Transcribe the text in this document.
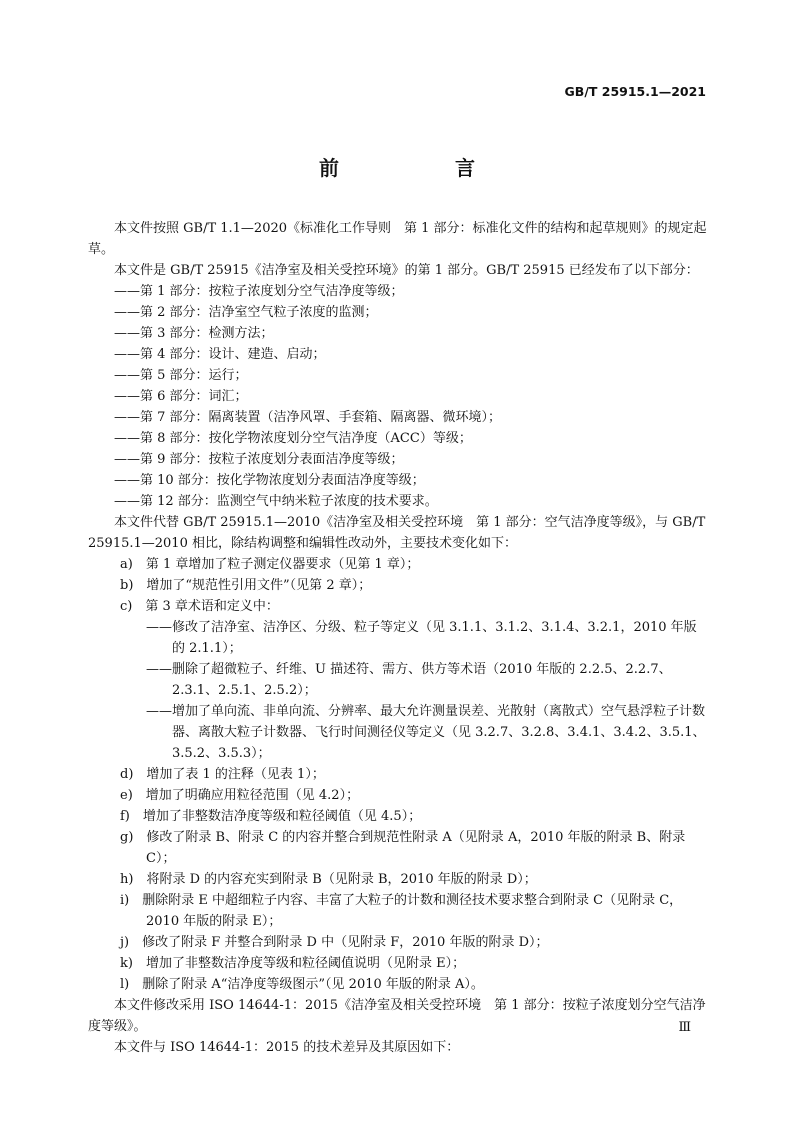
GB/T 25915.1—2021
前　言

本文件按照 GB/T 1.1—2020《标准化工作导则　第 1 部分：标准化文件的结构和起草规则》的规定起草。

本文件是 GB/T 25915《洁净室及相关受控环境》的第 1 部分。GB/T 25915 已经发布了以下部分：

——第 1 部分：按粒子浓度划分空气洁净度等级；

——第 2 部分：洁净室空气粒子浓度的监测；

——第 3 部分：检测方法；

——第 4 部分：设计、建造、启动；

——第 5 部分：运行；

——第 6 部分：词汇；

——第 7 部分：隔离装置（洁净风罩、手套箱、隔离器、微环境）；

——第 8 部分：按化学物浓度划分空气洁净度（ACC）等级；

——第 9 部分：按粒子浓度划分表面洁净度等级；

——第 10 部分：按化学物浓度划分表面洁净度等级；

——第 12 部分：监测空气中纳米粒子浓度的技术要求。

本文件代替 GB/T 25915.1—2010《洁净室及相关受控环境　第 1 部分：空气洁净度等级》，与 GB/T 25915.1—2010 相比，除结构调整和编辑性改动外，主要技术变化如下：

a)　第 1 章增加了粒子测定仪器要求（见第 1 章）；

b)　增加了“规范性引用文件”（见第 2 章）；

c)　第 3 章术语和定义中：

——修改了洁净室、洁净区、分级、粒子等定义（见 3.1.1、3.1.2、3.1.4、3.2.1，2010 年版的 2.1.1）；

——删除了超微粒子、纤维、U 描述符、需方、供方等术语（2010 年版的 2.2.5、2.2.7、2.3.1、2.5.1、2.5.2）；

——增加了单向流、非单向流、分辨率、最大允许测量误差、光散射（离散式）空气悬浮粒子计数器、离散大粒子计数器、飞行时间测径仪等定义（见 3.2.7、3.2.8、3.4.1、3.4.2、3.5.1、3.5.2、3.5.3）；

d)　增加了表 1 的注释（见表 1）；

e)　增加了明确应用粒径范围（见 4.2）；

f)　增加了非整数洁净度等级和粒径阈值（见 4.5）；

g)　修改了附录 B、附录 C 的内容并整合到规范性附录 A（见附录 A，2010 年版的附录 B、附录 C）；

h)　将附录 D 的内容充实到附录 B（见附录 B，2010 年版的附录 D）；

i)　删除附录 E 中超细粒子内容、丰富了大粒子的计数和测径技术要求整合到附录 C（见附录 C，2010 年版的附录 E）；

j)　修改了附录 F 并整合到附录 D 中（见附录 F，2010 年版的附录 D）；

k)　增加了非整数洁净度等级和粒径阈值说明（见附录 E）；

l)　删除了附录 A“洁净度等级图示”（见 2010 年版的附录 A）。

本文件修改采用 ISO 14644-1：2015《洁净室及相关受控环境　第 1 部分：按粒子浓度划分空气洁净度等级》。

本文件与 ISO 14644-1：2015 的技术差异及其原因如下：

Ⅲ
